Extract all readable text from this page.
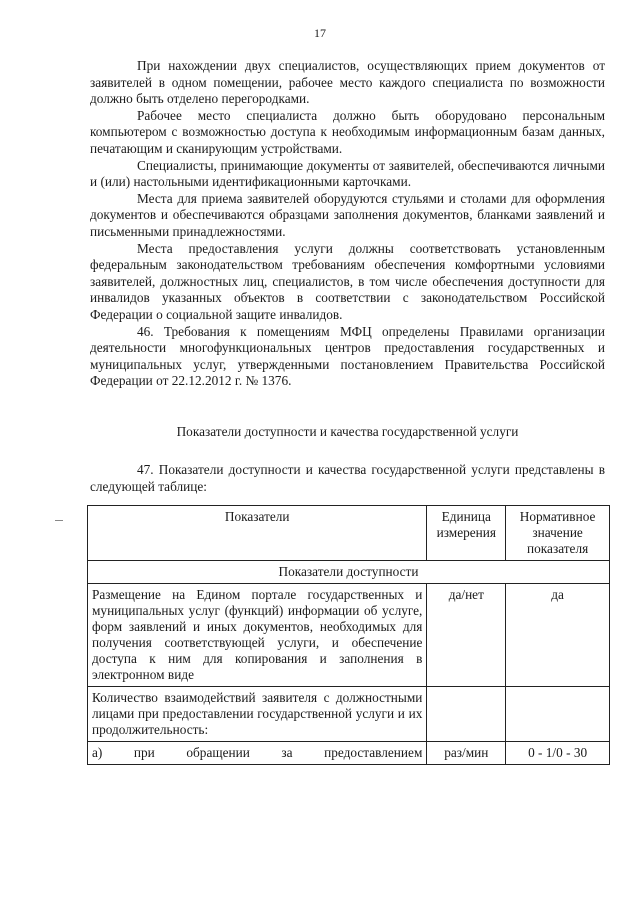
17

При нахождении двух специалистов, осуществляющих прием документов от заявителей в одном помещении, рабочее место каждого специалиста по возможности должно быть отделено перегородками.

Рабочее место специалиста должно быть оборудовано персональным компьютером с возможностью доступа к необходимым информационным базам данных, печатающим и сканирующим устройствами.

Специалисты, принимающие документы от заявителей, обеспечиваются личными и (или) настольными идентификационными карточками.

Места для приема заявителей оборудуются стульями и столами для оформления документов и обеспечиваются образцами заполнения документов, бланками заявлений и письменными принадлежностями.

Места предоставления услуги должны соответствовать установленным федеральным законодательством требованиям обеспечения комфортными условиями заявителей, должностных лиц, специалистов, в том числе обеспечения доступности для инвалидов указанных объектов в соответствии с законодательством Российской Федерации о социальной защите инвалидов.

46. Требования к помещениям МФЦ определены Правилами организации деятельности многофункциональных центров предоставления государственных и муниципальных услуг, утвержденными постановлением Правительства Российской Федерации от 22.12.2012 г. № 1376.

Показатели доступности и качества государственной услуги

47. Показатели доступности и качества государственной услуги представлены в следующей таблице:

Показатели	Единица измерения	Нормативное значение показателя
Показатели доступности		
Размещение на Едином портале государственных и муниципальных услуг (функций) информации об услуге, форм заявлений и иных документов, необходимых для получения соответствующей услуги, и обеспечение доступа к ним для копирования и заполнения в электронном виде	да/нет	да
Количество взаимодействий заявителя с должностными лицами при предоставлении государственной услуги и их продолжительность:		

а) при обращении за предоставлением	раз/мин	0 - 1/0 - 30
